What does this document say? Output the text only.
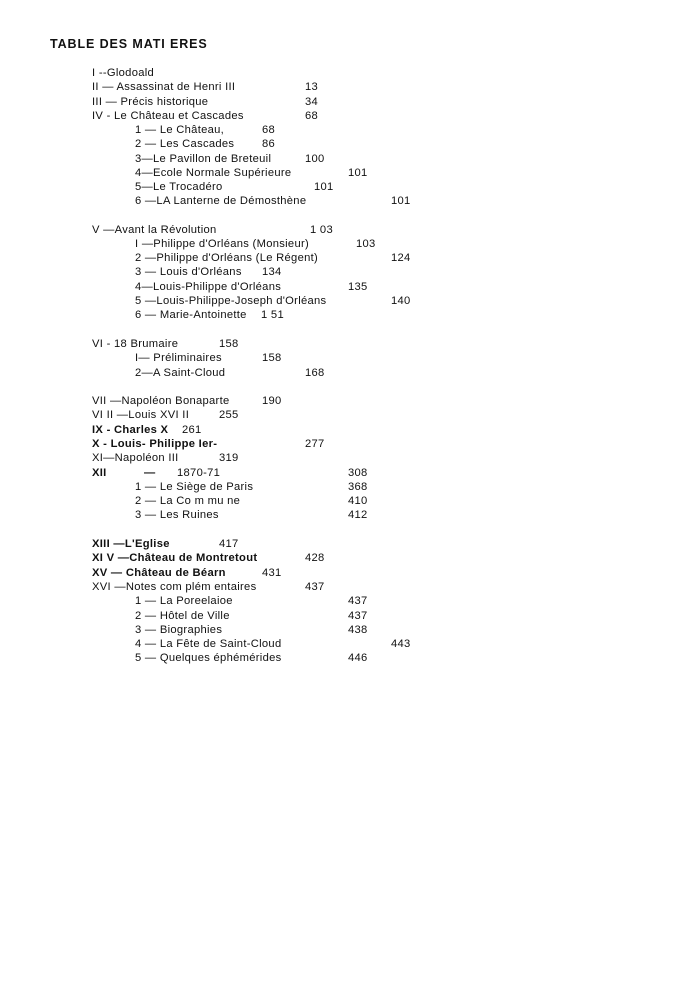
TABLE DES MATI ERES
I --Glodoald
II — Assassinat de Henri III	13
III — Précis historique	34
IV - Le Château et Cascades	68
1 — Le Château,	68
2 — Les Cascades 86
3—Le Pavillon de Breteuil	100
4—Ecole Normale Supérieure	101
5—Le Trocadéro	101
6 —LA Lanterne de Démosthène	101
V —Avant la Révolution	1 03
I —Philippe d'Orléans (Monsieur)	103
2 —Philippe d'Orléans (Le Régent)	124
3 — Louis d'Orléans 134
4—Louis-Philippe d'Orléans	135
5 —Louis-Philippe-Joseph d'Orléans	140
6 — Marie-Antoinette 1 51
VI - 18 Brumaire	158
I— Préliminaires	158
2—A Saint-Cloud	168
VII —Napoléon Bonaparte	190
VI II —Louis XVI II	255
IX - Charles X 261
X - Louis- Philippe Ier-	277
XI—Napoléon III	319
XII — 1870-71	308
1 — Le Siège de Paris	368
2 — La Co m mu ne	410
3 — Les Ruines	412
XIII —L'Eglise	417
XI V —Château de Montretout	428
XV — Château de Béarn	431
XVI —Notes com plém entaires	437
1 — La Poreelaioe	437
2 — Hôtel de Ville	437
3 — Biographies	438
4 — La Fête de Saint-Cloud	443
5 — Quelques éphémérides	446
